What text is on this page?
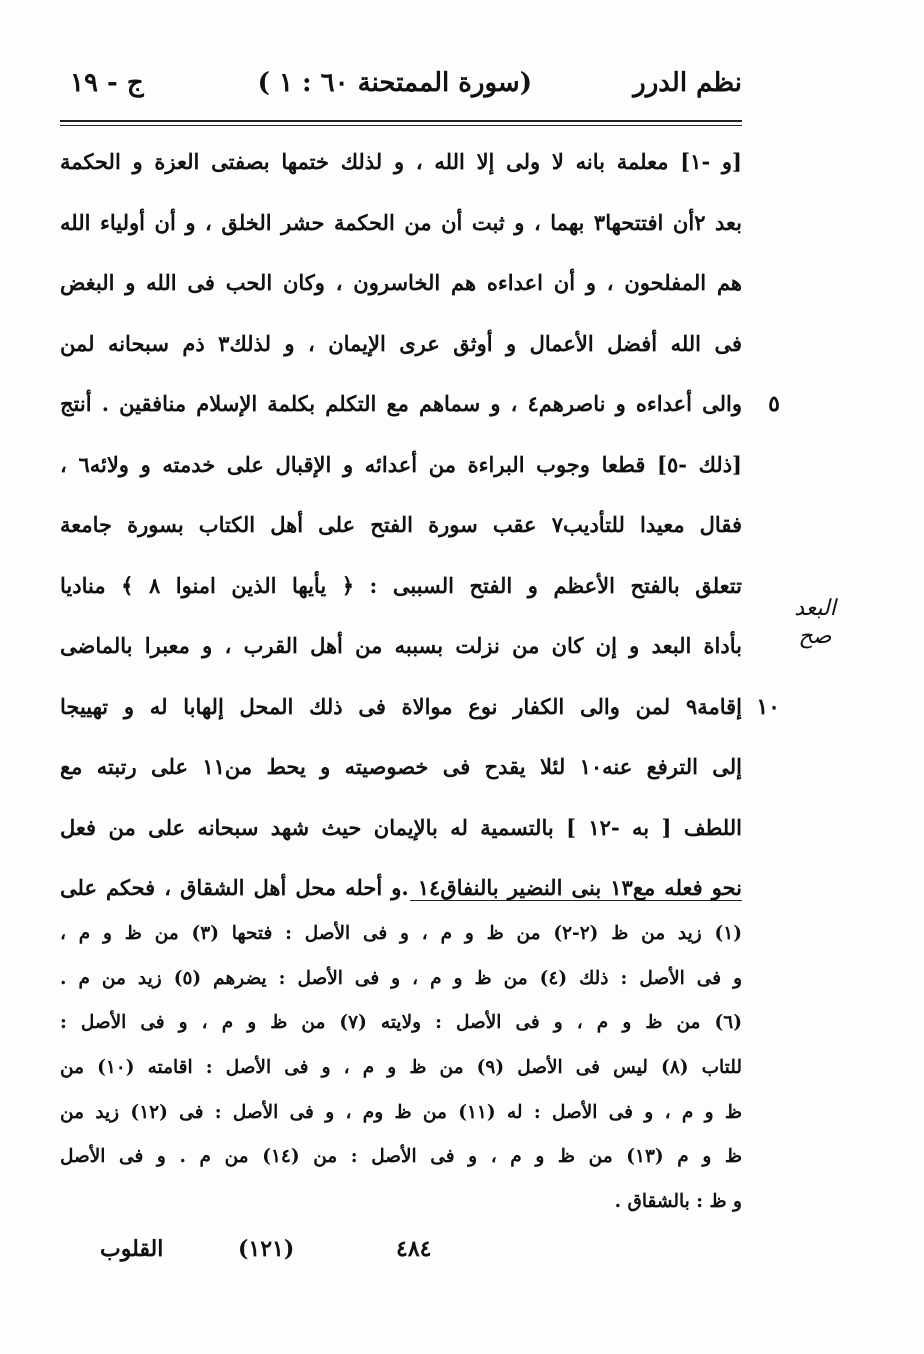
نظم الدرر
(سورة الممتحنة ٦٠ : ١ )
ج - ١٩
[و -١] معلمة بانه لا ولى إلا الله ، و لذلك ختمها بصفتى العزة و الحكمة
بعد ٢أن افتتحها٣ بهما ، و ثبت أن من الحكمة حشر الخلق ، و أن أولياء الله
هم المفلحون ، و أن اعداءه هم الخاسرون ، وكان الحب فى الله و البغض
فى الله أفضل الأعمال و أوثق عرى الإيمان ، و لذلك٣ ذم سبحانه لمن
٥
والى أعداءه و ناصرهم٤ ، و سماهم مع التكلم بكلمة الإسلام منافقين . أنتج
[ذلك -٥] قطعا وجوب البراءة من أعدائه و الإقبال على خدمته و ولائه٦ ،
فقال معيدا للتأديب٧ عقب سورة الفتح على أهل الكتاب بسورة جامعة
تتعلق بالفتح الأعظم و الفتح السببى : ﴿ يأيها الذين امنوا ٨ ﴾ مناديا
بأداة البعد و إن كان من نزلت بسببه من أهل القرب ، و معبرا بالماضى
١٠
إقامة٩ لمن والى الكفار نوع موالاة فى ذلك المحل إلهابا له و تهييجا
إلى الترفع عنه١٠ لئلا يقدح فى خصوصيته و يحط من١١ على رتبته مع
اللطف [ به -١٢ ] بالتسمية له بالإيمان حيث شهد سبحانه على من فعل
نحو فعله مع١٣ بنى النضير بالنفاق١٤ .و أحله محل أهل الشقاق ، فحكم على
البعد
صح
(١) زيد من ظ (٢-٢) من ظ و م ، و فى الأصل : فتحها (٣) من ظ و م ،
و فى الأصل : ذلك (٤) من ظ و م ، و فى الأصل : يضرهم (٥) زيد من م .
(٦) من ظ و م ، و فى الأصل : ولايته (٧) من ظ و م ، و فى الأصل :
للتاب (٨) ليس فى الأصل (٩) من ظ و م ، و فى الأصل : اقامته (١٠) من
ظ و م ، و فى الأصل : له (١١) من ظ وم ، و فى الأصل : فى (١٢) زيد من
ظ و م (١٣) من ظ و م ، و فى الأصل : من (١٤) من م . و فى الأصل
و ظ : بالشقاق .
القلوب	(١٢١)	٤٨٤
